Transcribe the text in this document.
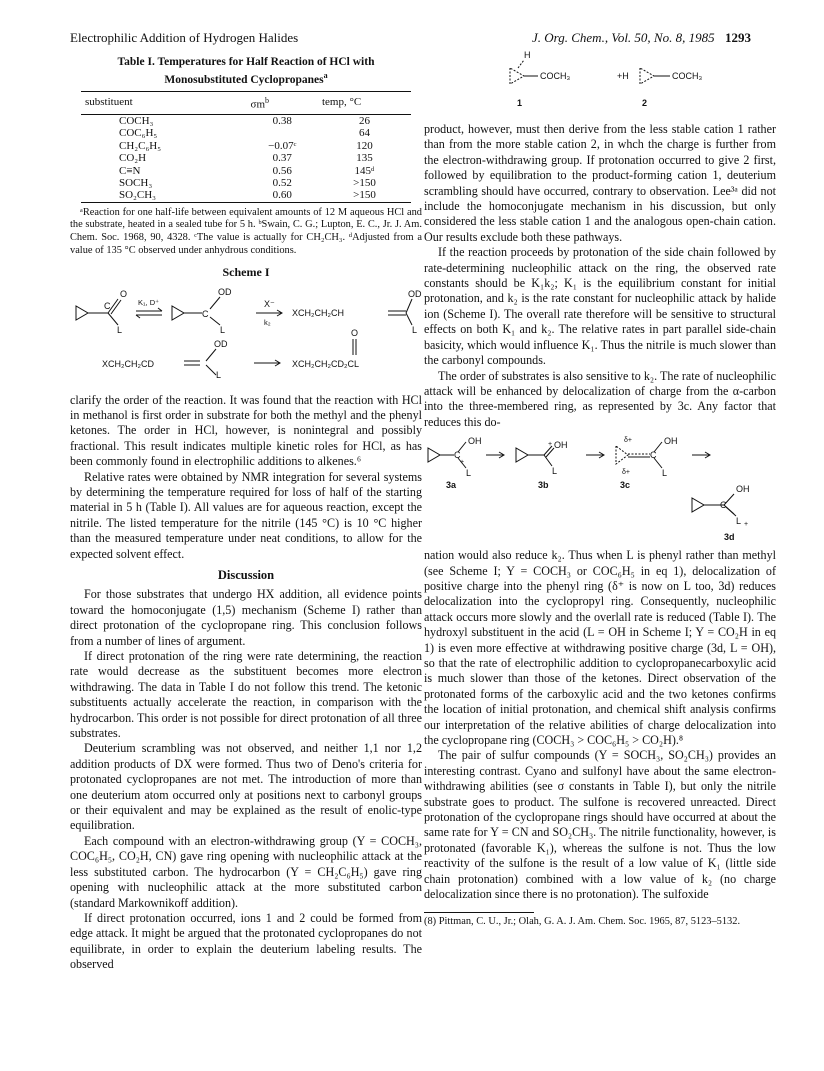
Electrophilic Addition of Hydrogen Halides	J. Org. Chem., Vol. 50, No. 8, 1985 1293
Table I. Temperatures for Half Reaction of HCl with
Monosubstituted Cyclopropanes$^a$
substituent	$\sigma m^b$	temp, °C
COCH₃	0.38	26
COC₆H₅		64
CH₂C₆H₅	−0.07ᶜ	120
CO₂H	0.37	135
C≡N	0.56	145ᵈ
SOCH₃	0.52	>150
SO₂CH₃	0.60	>150
ᵃReaction for one half-life between equivalent amounts of 12 M aqueous HCl and the substrate, heated in a sealed tube for 5 h. ᵇSwain, C. G.; Lupton, E. C., Jr. J. Am. Chem. Soc. 1968, 90, 4328. ᶜThe value is actually for CH₂CH₃. ᵈAdjusted from a value of 135 °C observed under anhydrous conditions.
Scheme I
O
L
C	K₁, D⁺
C
OD
L
X⁻
k₂
XCH₂CH₂CH
OD
L
XCH₂CH₂CD
OD
L
O
XCH₂CH₂CD₂CL

clarify the order of the reaction. It was found that the reaction with HCl in methanol is first order in substrate for both the methyl and the phenyl ketones. The order in HCl, however, is nonintegral and possibly fractional. This result indicates multiple kinetic roles for HCl, as has been commonly found in electrophilic additions to alkenes.⁶

Relative rates were obtained by NMR integration for several systems by determining the temperature required for loss of half of the starting material in 5 h (Table I). All values are for aqueous reaction, except the nitrile. The listed temperature for the nitrile (145 °C) is 10 °C higher than the measured temperature under neat conditions, to allow for the expected solvent effect.

Discussion

For those substrates that undergo HX addition, all evidence points toward the homoconjugate (1,5) mechanism (Scheme I) rather than direct protonation of the cyclopropane ring. This conclusion follows from a number of lines of argument.

If direct protonation of the ring were rate determining, the reaction rate would decrease as the substituent becomes more electron withdrawing. The data in Table I do not follow this trend. The ketonic substituents actually accelerate the reaction, in comparison with the hydrocarbon. This order is not possible for direct protonation of all three substrates.

Deuterium scrambling was not observed, and neither 1,1 nor 1,2 addition products of DX were formed. Thus two of Deno's criteria for protonated cyclopropanes are not met. The introduction of more than one deuterium atom occurred only at positions next to carbonyl groups or their equivalent and may be explained as the result of enolic-type equilibration.

Each compound with an electron-withdrawing group (Y = COCH₃, COC₆H₅, CO₂H, CN) gave ring opening with nucleophilic attack at the less substituted carbon. The hydrocarbon (Y = CH₂C₆H₅) gave ring opening with nucleophilic attack at the more substituted carbon (standard Markownikoff addition).

If direct protonation occurred, ions 1 and 2 could be formed from edge attack. It might be argued that the protonated cyclopropanes do not equilibrate, in order to explain the deuterium labeling results. The observed

H
COCH₃
1
+H	COCH₃
2

product, however, must then derive from the less stable cation 1 rather than from the more stable cation 2, in whch the charge is further from the electron-withdrawing group. If protonation occurred to give 2 first, followed by equilibration to the product-forming cation 1, deuterium scrambling should have occurred, contrary to observation. Lee³ᵃ did not include the homoconjugate mechanism in his discussion, but only considered the less stable cation 1 and the analogous open-chain cation. Our results exclude both these pathways.

If the reaction proceeds by protonation of the side chain followed by rate-determining nucleophilic attack on the ring, the observed rate constants should be K₁k₂; K₁ is the equilibrium constant for initial protonation, and k₂ is the rate constant for nucleophilic attack by halide ion (Scheme I). The overall rate therefore will be sensitive to structural effects on both K₁ and k₂. The relative rates in part parallel side-chain basicity, which would influence K₁. Thus the nitrile is much slower than the carbonyl compounds.

The order of substrates is also sensitive to k₂. The rate of nucleophilic attack will be enhanced by delocalization of charge from the α-carbon into the three-membered ring, as represented by 3c. Any factor that reduces this do-

C
+
OH
L
3a
OH
+
L
3b
δ+
δ+
C
OH
L
3c	OH
C
L +
3d

nation would also reduce k₂. Thus when L is phenyl rather than methyl (see Scheme I; Y = COCH₃ or COC₆H₅ in eq 1), delocalization of positive charge into the phenyl ring (δ⁺ is now on L too, 3d) reduces delocalization into the cyclopropyl ring. Consequently, nucleophilic attack occurs more slowly and the overlall rate is reduced (Table I). The hydroxyl substituent in the acid (L = OH in Scheme I; Y = CO₂H in eq 1) is even more effective at withdrawing positive charge (3d, L = OH), so that the rate of electrophilic addition to cyclopropanecarboxylic acid is much slower than those of the ketones. Direct observation of the protonated forms of the carboxylic acid and the two ketones confirms the location of initial protonation, and chemical shift analysis confirms our interpretation of the relative abilities of charge delocalization into the cyclopropane ring (COCH₃ > COC₆H₅ > CO₂H).⁸

The pair of sulfur compounds (Y = SOCH₃, SO₂CH₃) provides an interesting contrast. Cyano and sulfonyl have about the same electron-withdrawing abilities (see σ constants in Table I), but only the nitrile substrate goes to product. The sulfone is recovered unreacted. Direct protonation of the cyclopropane rings should have occurred at about the same rate for Y = CN and SO₂CH₃. The nitrile functionality, however, is protonated (favorable K₁), whereas the sulfone is not. Thus the low reactivity of the sulfone is the result of a low value of K₁ (little side chain protonation) combined with a low value of k₂ (no charge delocalization since there is no protonation). The sulfoxide

(8) Pittman, C. U., Jr.; Olah, G. A. J. Am. Chem. Soc. 1965, 87, 5123–5132.
